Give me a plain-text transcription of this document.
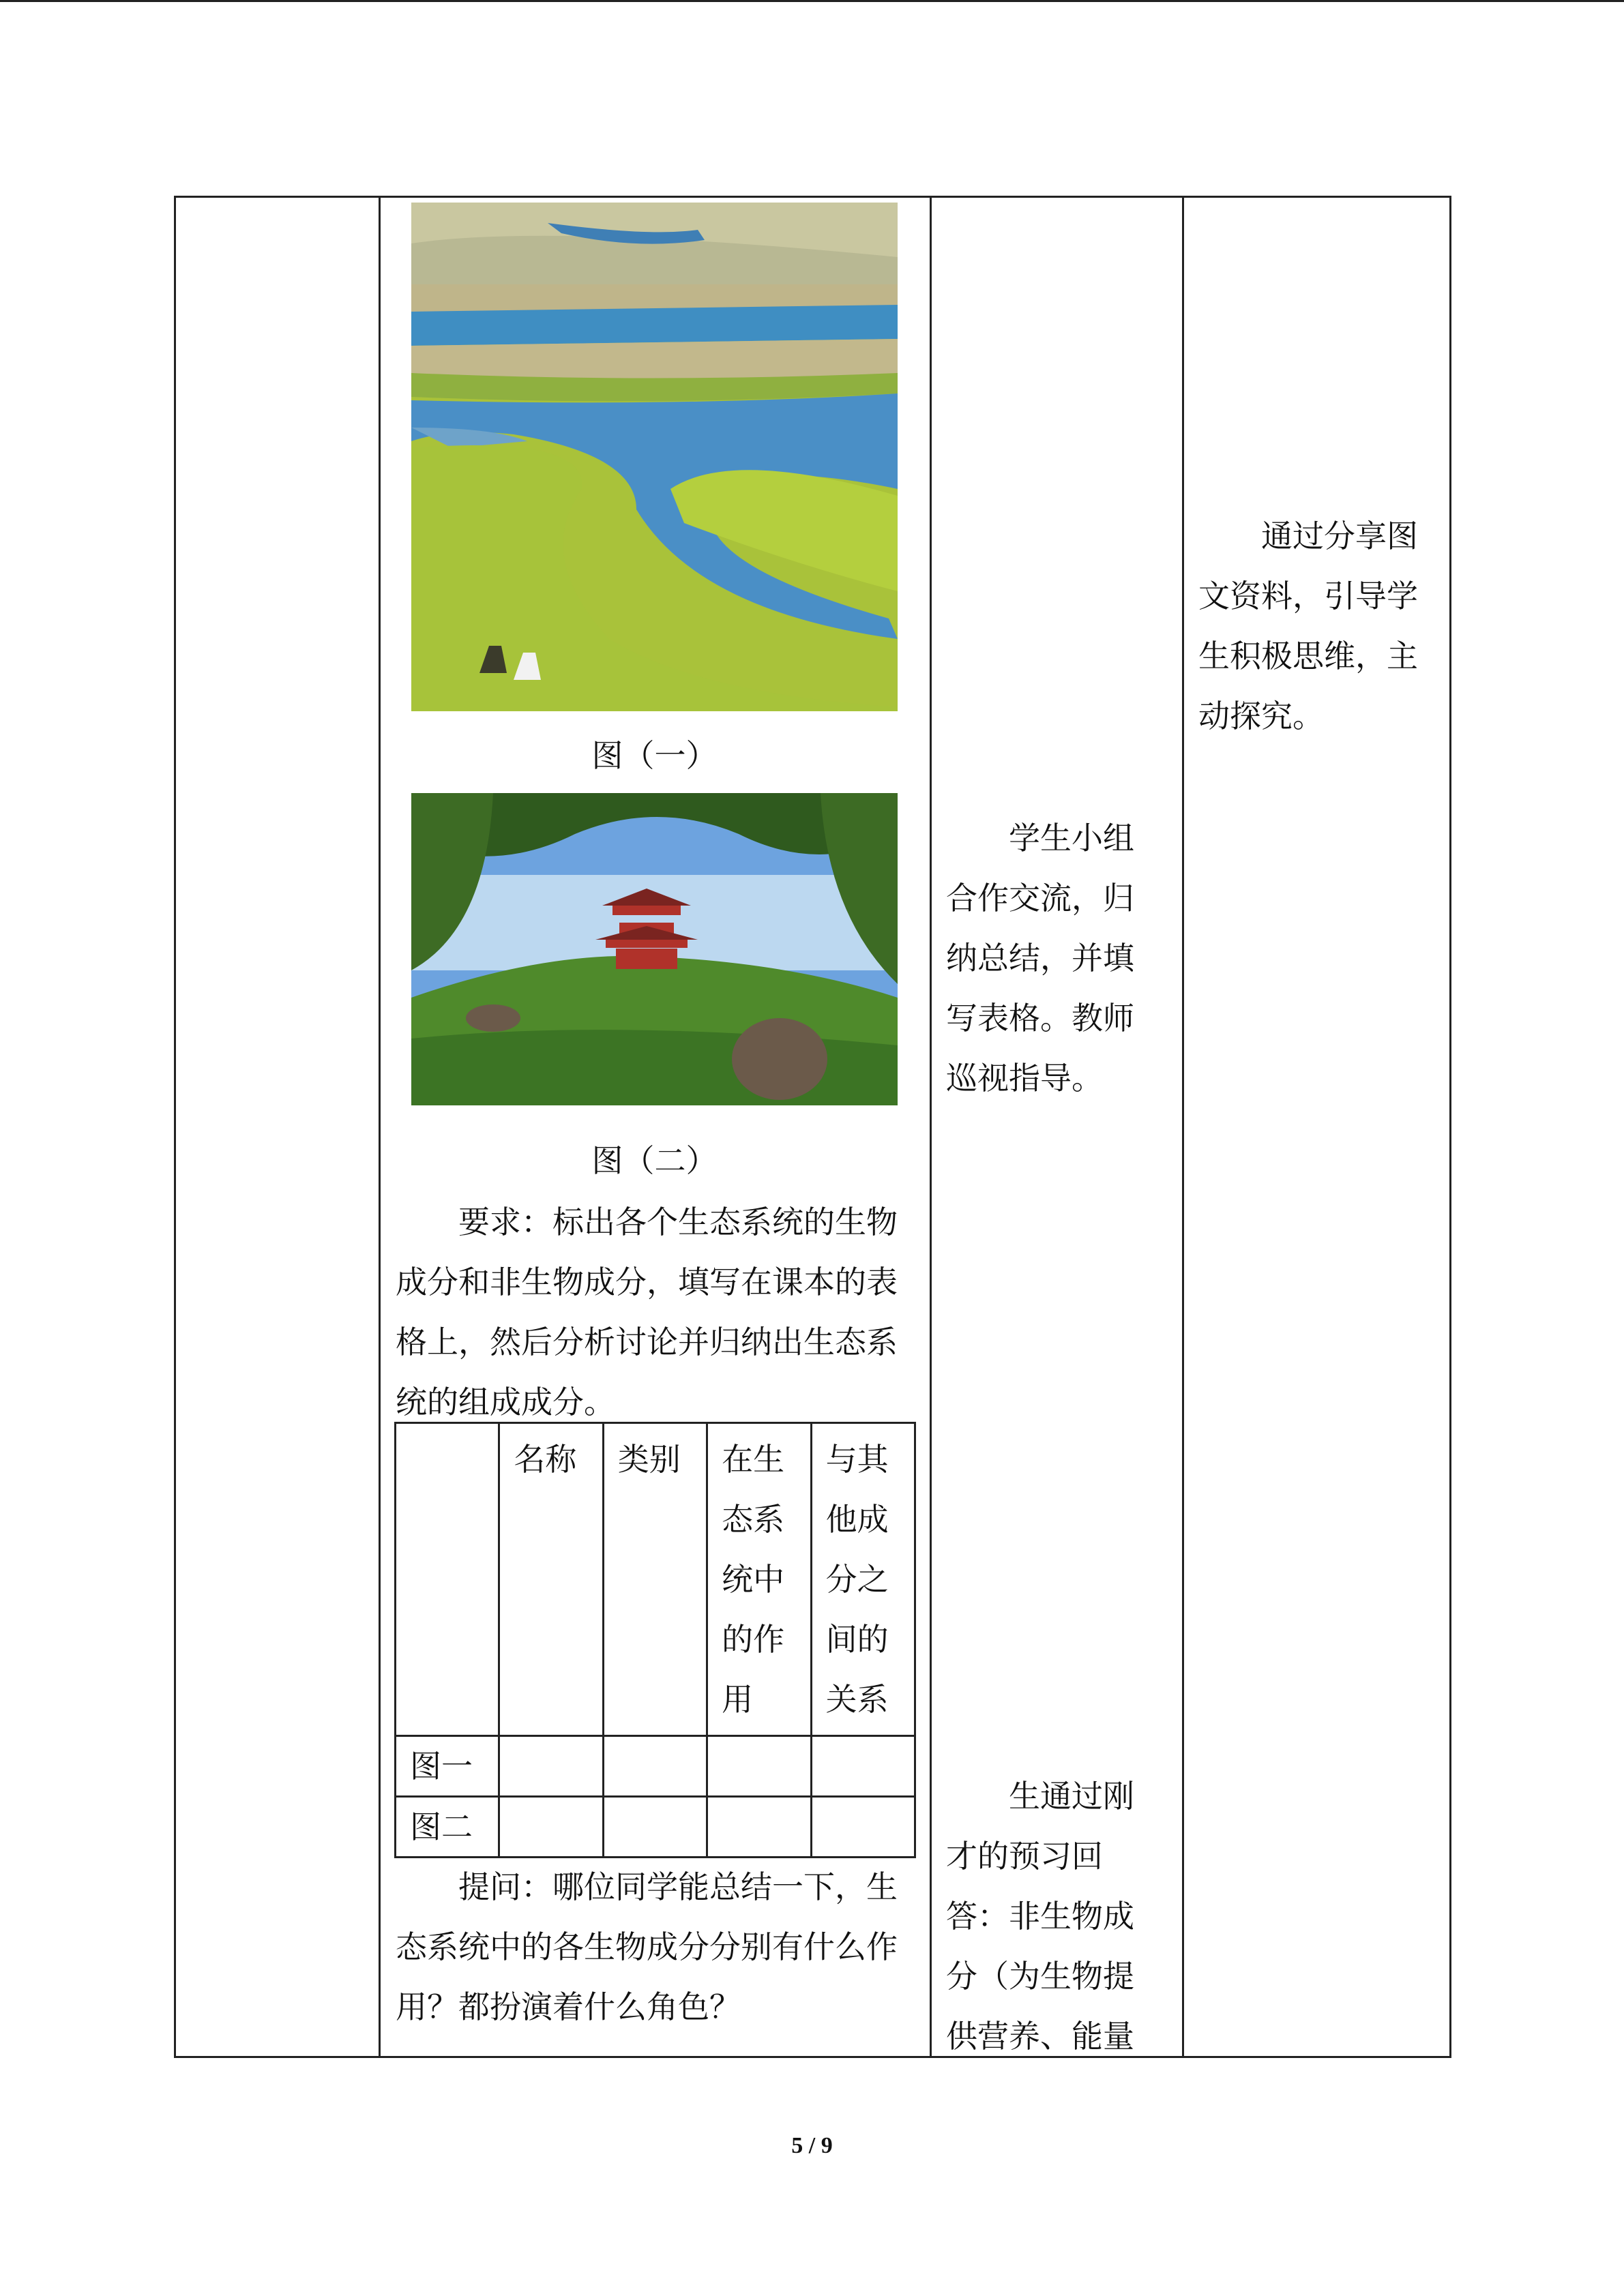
图（一）
图（二）
要求：标出各个生态系统的生物成分和非生物成分，填写在课本的表格上，然后分析讨论并归纳出生态系统的组成成分。
	名称	类别	在生态系统中的作用	与其他成分之间的关系
图一				
图二				
提问：哪位同学能总结一下，生态系统中的各生物成分分别有什么作用？都扮演着什么角色？
学生小组合作交流，归纳总结，并填写表格。教师巡视指导。
生通过刚才的预习回答：非生物成分（为生物提供营养、能量
通过分享图文资料，引导学生积极思维，主动探究。
5 / 9
